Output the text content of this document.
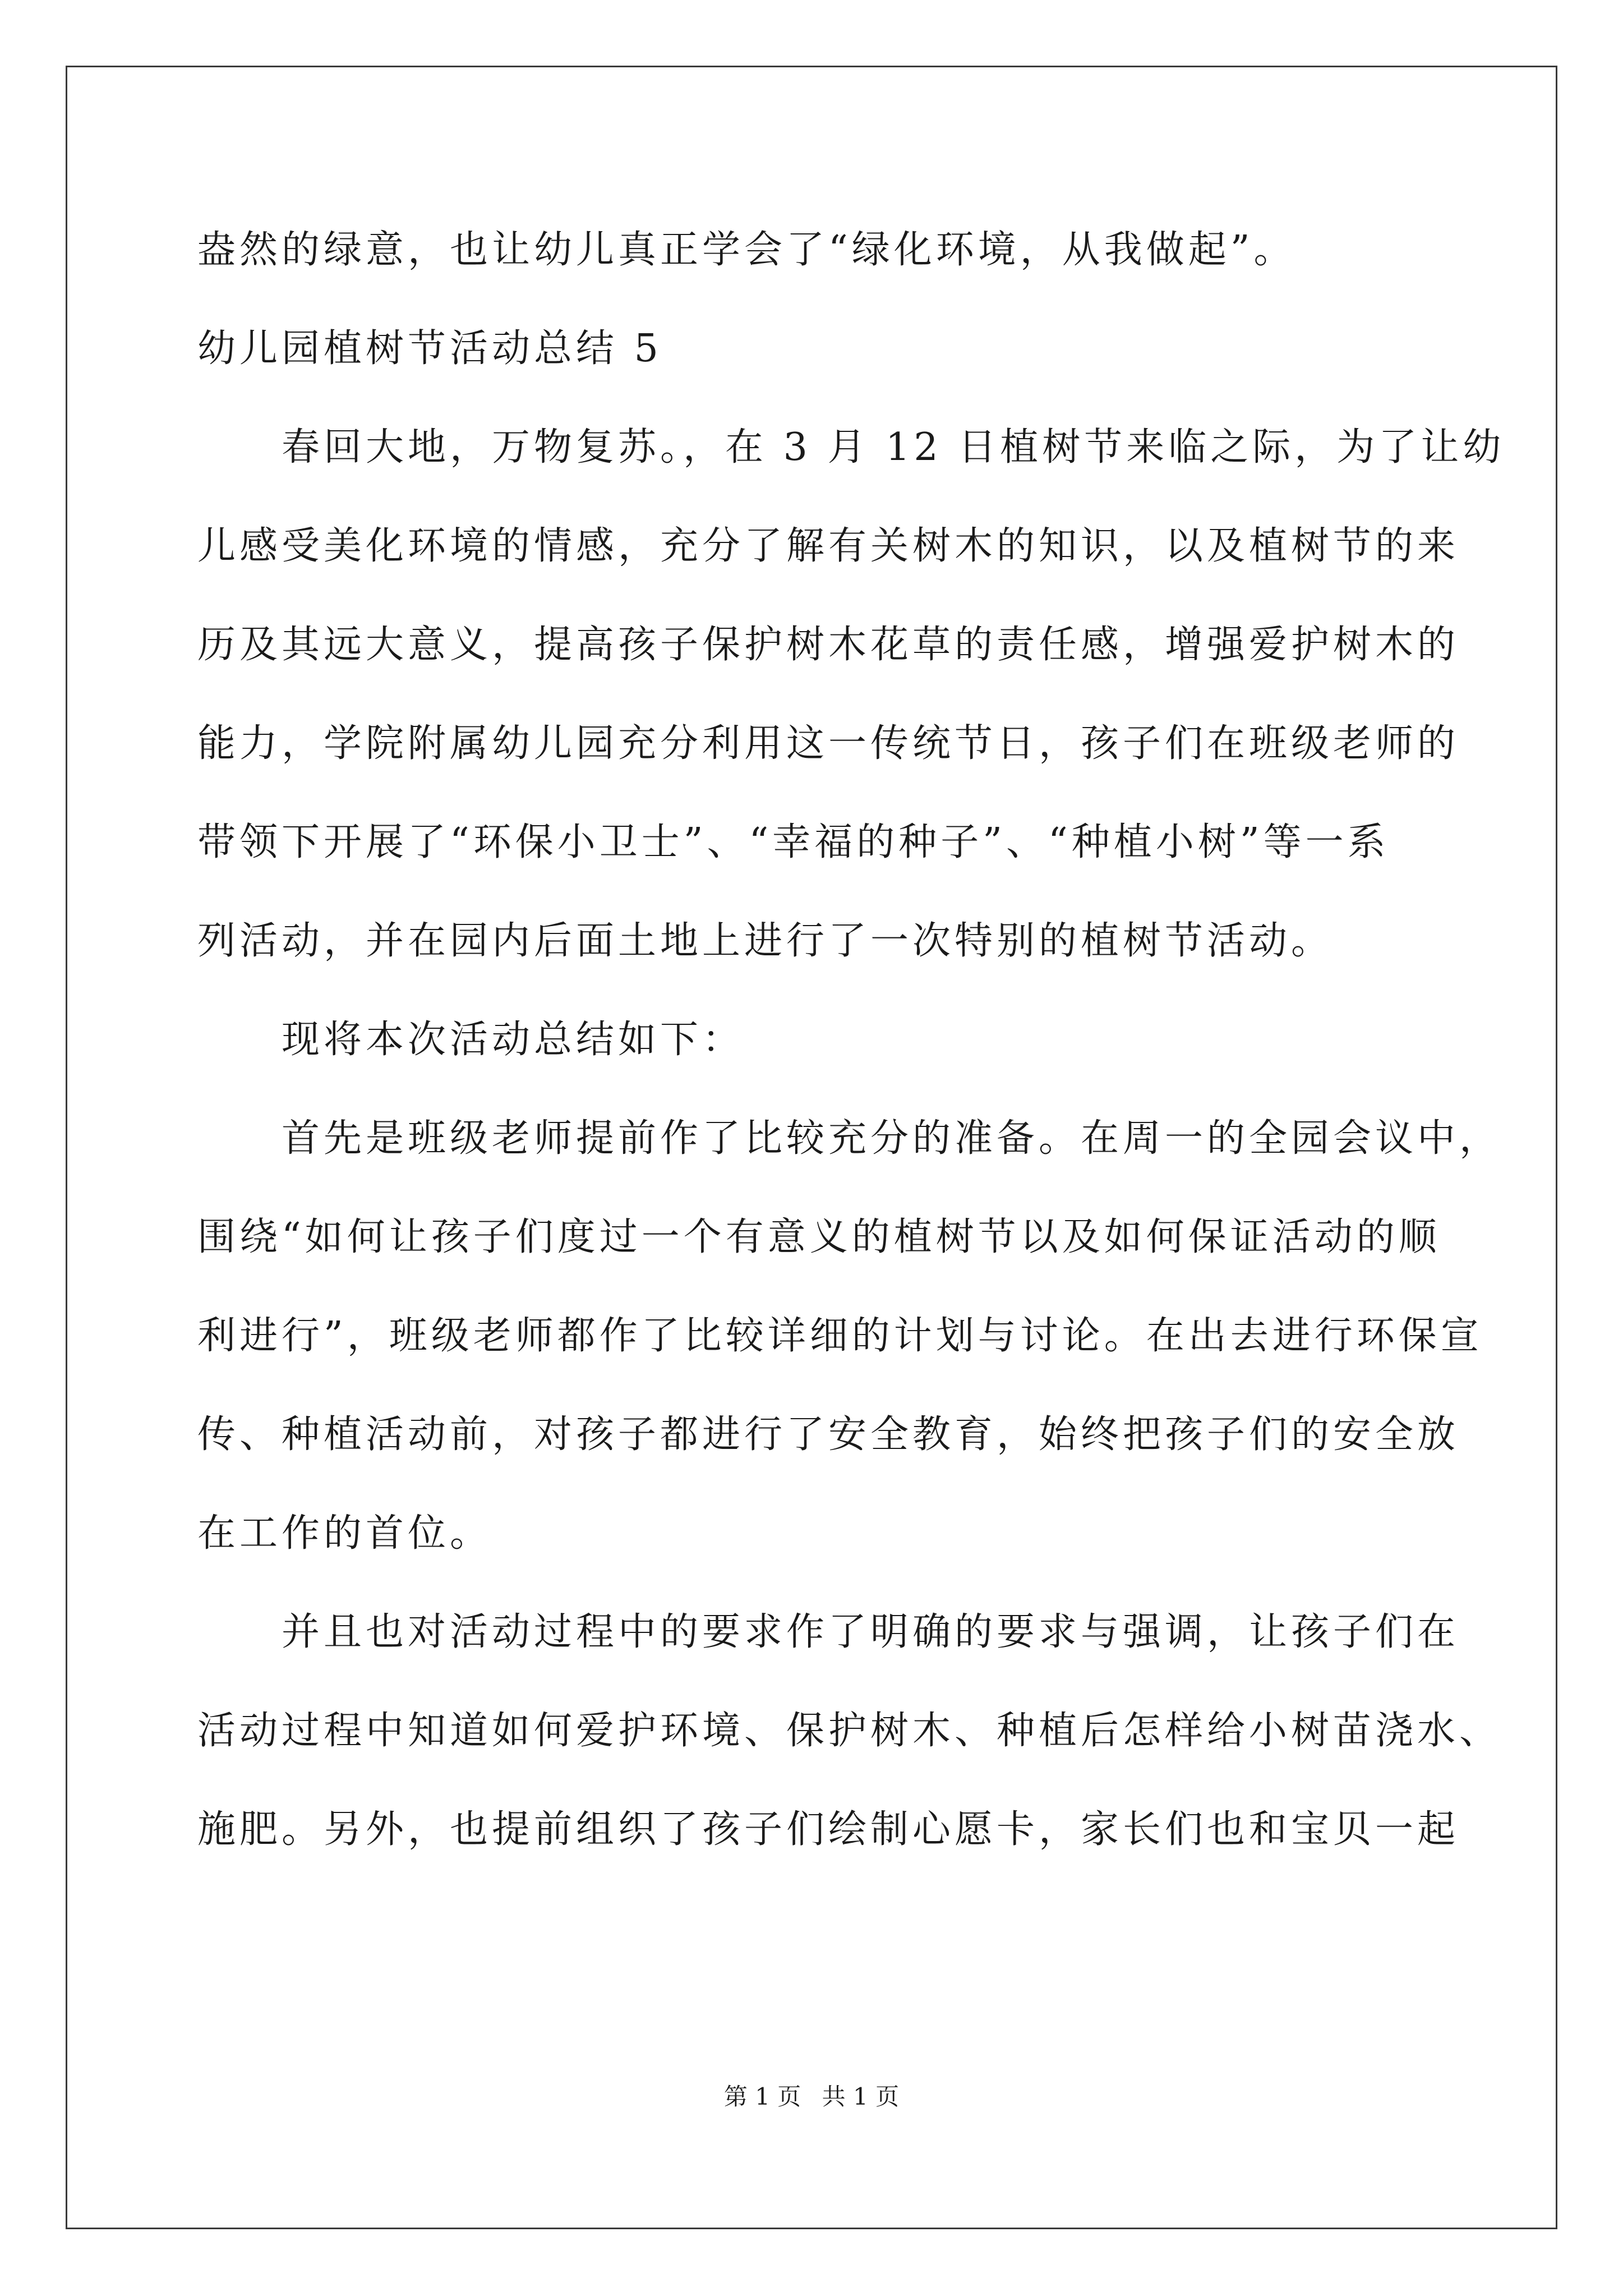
盎然的绿意，也让幼儿真正学会了“绿化环境，从我做起”。
幼儿园植树节活动总结 5
春回大地，万物复苏。，在 3 月 12 日植树节来临之际，为了让幼
儿感受美化环境的情感，充分了解有关树木的知识，以及植树节的来
历及其远大意义，提高孩子保护树木花草的责任感，增强爱护树木的
能力，学院附属幼儿园充分利用这一传统节日，孩子们在班级老师的
带领下开展了“环保小卫士”、“幸福的种子”、“种植小树”等一系
列活动，并在园内后面土地上进行了一次特别的植树节活动。
现将本次活动总结如下：
首先是班级老师提前作了比较充分的准备。在周一的全园会议中，
围绕“如何让孩子们度过一个有意义的植树节以及如何保证活动的顺
利进行”，班级老师都作了比较详细的计划与讨论。在出去进行环保宣
传、种植活动前，对孩子都进行了安全教育，始终把孩子们的安全放
在工作的首位。
并且也对活动过程中的要求作了明确的要求与强调，让孩子们在
活动过程中知道如何爱护环境、保护树木、种植后怎样给小树苗浇水、
施肥。另外，也提前组织了孩子们绘制心愿卡，家长们也和宝贝一起
第 1 页 共 1 页
